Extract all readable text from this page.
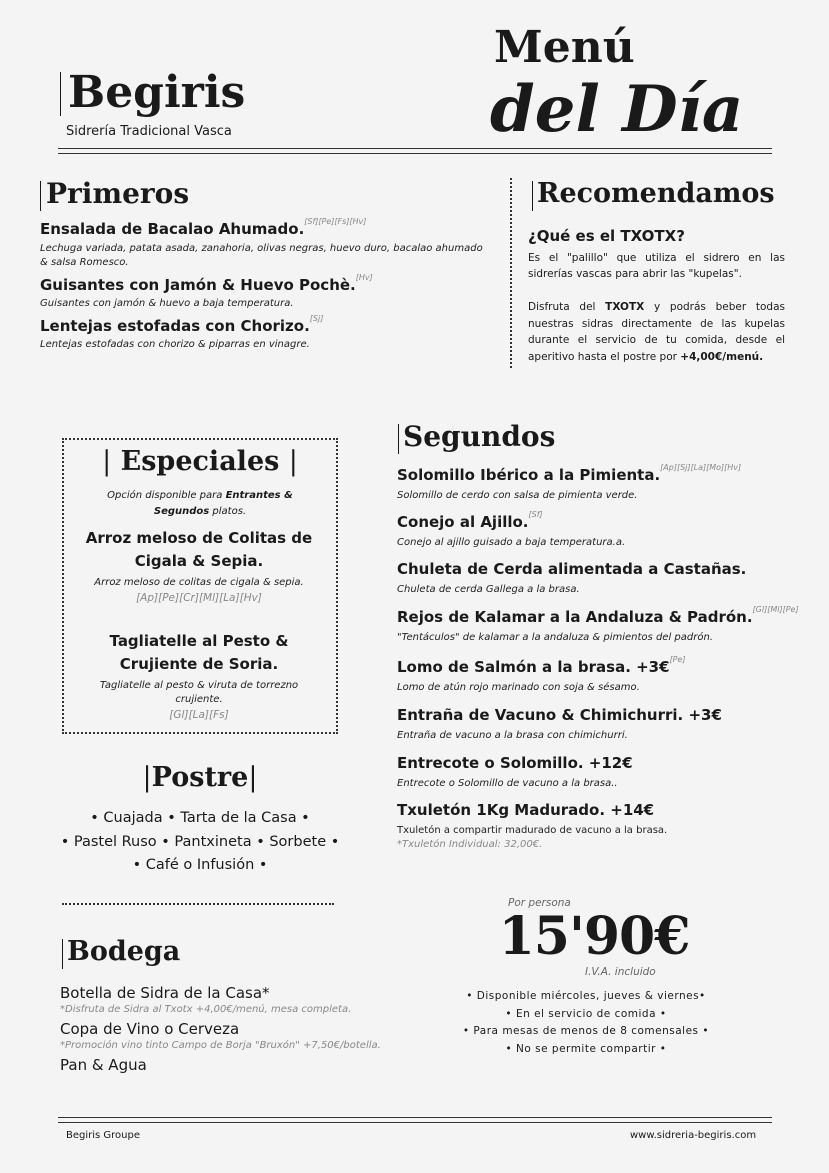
Begiris
Sidrería Tradicional Vasca
Menú
del Día
Primeros
Ensalada de Bacalao Ahumado.[Sf][Pe][Fs][Hv]
Lechuga variada, patata asada, zanahoria, olivas negras, huevo duro, bacalao ahumado & salsa Romesco.
Guisantes con Jamón & Huevo Pochè.[Hv]
Guisantes con jamón & huevo a baja temperatura.
Lentejas estofadas con Chorizo.[Sj]
Lentejas estofadas con chorizo & piparras en vinagre.
Recomendamos
¿Qué es el TXOTX?
Es el "palillo" que utiliza el sidrero en las sidrerías vascas para abrir las "kupelas".
Disfruta del TXOTX y podrás beber todas nuestras sidras directamente de las kupelas durante el servicio de tu comida, desde el aperitivo hasta el postre por +4,00€/menú.
| Especiales |
Opción disponible para Entrantes & Segundos platos.
Arroz meloso de Colitas de Cigala & Sepia.
Arroz meloso de colitas de cigala & sepia.
[Ap][Pe][Cr][Ml][La][Hv]
Tagliatelle al Pesto & Crujiente de Soria.
Tagliatelle al pesto & viruta de torrezno crujiente.
[Gl][La][Fs]
|Postre|
• Cuajada • Tarta de la Casa •
• Pastel Ruso • Pantxineta • Sorbete •
• Café o Infusión •
Segundos
Solomillo Ibérico a la Pimienta.[Ap][Sj][La][Mo][Hv]
Solomillo de cerdo con salsa de pimienta verde.
Conejo al Ajillo.[Sf]
Conejo al ajillo guisado a baja temperatura.a.
Chuleta de Cerda alimentada a Castañas.
Chuleta de cerda Gallega a la brasa.
Rejos de Kalamar a la Andaluza & Padrón.[Gl][Ml][Pe]
"Tentáculos" de kalamar a la andaluza & pimientos del padrón.
Lomo de Salmón a la brasa. +3€[Pe]
Lomo de atún rojo marinado con soja & sésamo.
Entraña de Vacuno & Chimichurri. +3€
Entraña de vacuno a la brasa con chimichurri.
Entrecote o Solomillo. +12€
Entrecote o Solomillo de vacuno a la brasa..
Txuletón 1Kg Madurado. +14€
Txuletón a compartir madurado de vacuno a la brasa.
*Txuletón Individual: 32,00€.
Bodega
Botella de Sidra de la Casa*
*Disfruta de Sidra al Txotx +4,00€/menú, mesa completa.
Copa de Vino o Cerveza
*Promoción vino tinto Campo de Borja "Bruxón" +7,50€/botella.
Pan & Agua
Por persona
15'90€
I.V.A. incluido
• Disponible miércoles, jueves & viernes•
• En el servicio de comida •
• Para mesas de menos de 8 comensales •
• No se permite compartir •
Begiris Groupe	www.sidreria-begiris.com
